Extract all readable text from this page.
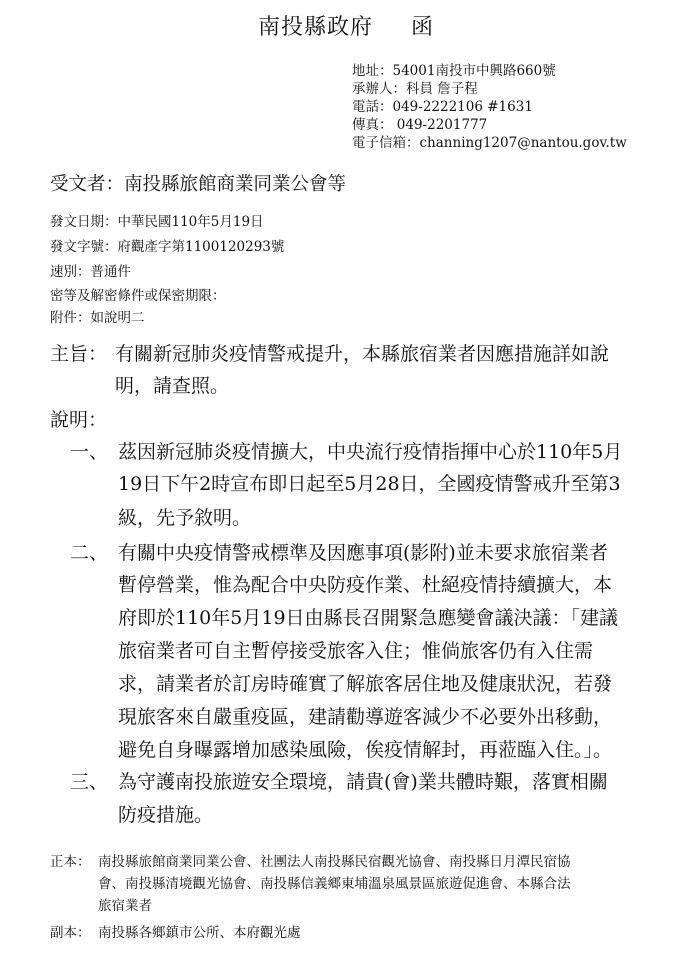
南投縣政府 函
地址：54001南投市中興路660號
承辦人：科員 詹子程
電話：049-2222106 #1631
傳真： 049-2201777
電子信箱：channing1207@nantou.gov.tw
受文者：南投縣旅館商業同業公會等
發文日期：中華民國110年5月19日
發文字號：府觀產字第1100120293號
速別：普通件
密等及解密條件或保密期限：
附件：如說明二
主旨： 有關新冠肺炎疫情警戒提升，本縣旅宿業者因應措施詳如說
明，請查照。
說明：
一、 茲因新冠肺炎疫情擴大，中央流行疫情指揮中心於110年5月
19日下午2時宣布即日起至5月28日，全國疫情警戒升至第3
級，先予敘明。
二、 有關中央疫情警戒標準及因應事項(影附)並未要求旅宿業者
暫停營業，惟為配合中央防疫作業、杜絕疫情持續擴大，本
府即於110年5月19日由縣長召開緊急應變會議決議：「建議
旅宿業者可自主暫停接受旅客入住；惟倘旅客仍有入住需
求，請業者於訂房時確實了解旅客居住地及健康狀況，若發
現旅客來自嚴重疫區，建請勸導遊客減少不必要外出移動，
避免自身曝露增加感染風險，俟疫情解封，再蒞臨入住。」。
三、 為守護南投旅遊安全環境，請貴(會)業共體時艱，落實相關
防疫措施。
正本： 南投縣旅館商業同業公會、社團法人南投縣民宿觀光協會、南投縣日月潭民宿協
會、南投縣清境觀光協會、南投縣信義鄉東埔溫泉風景區旅遊促進會、本縣合法
旅宿業者
副本： 南投縣各鄉鎮市公所、本府觀光處
